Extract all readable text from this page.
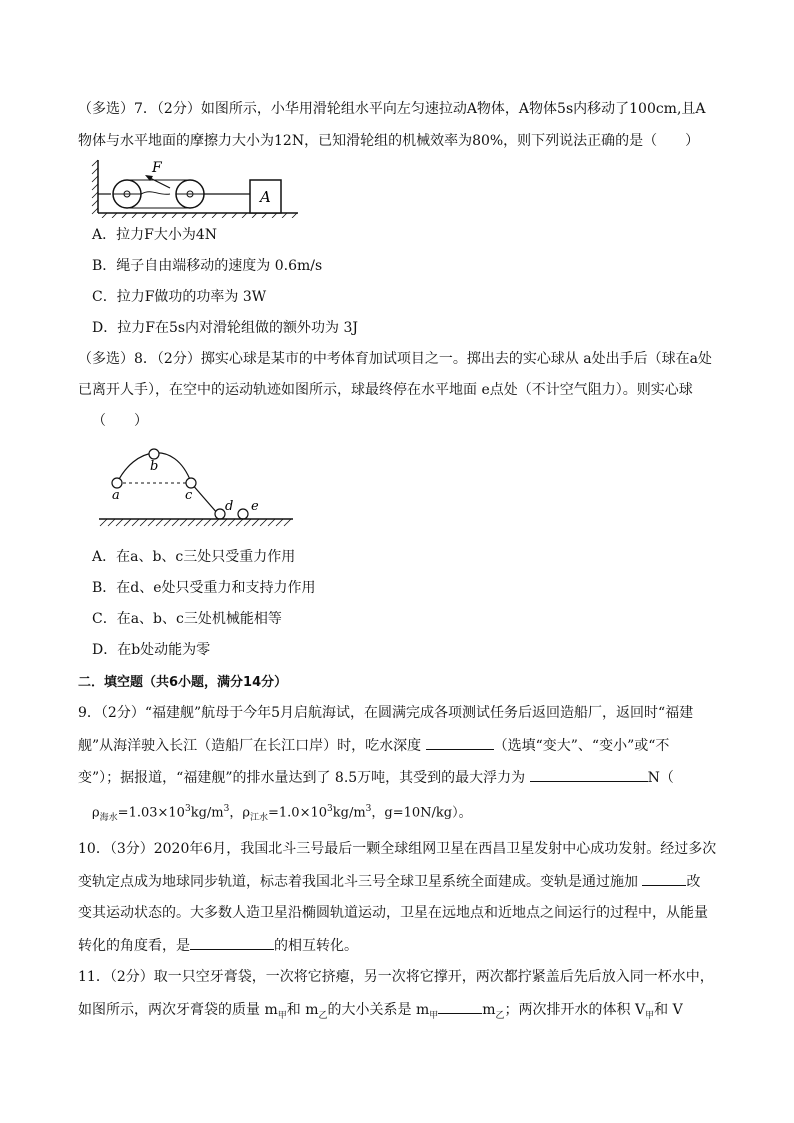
（多选）7．（2分）如图所示，小华用滑轮组水平向左匀速拉动A物体，A物体5s内移动了100cm,且A
物体与水平地面的摩擦力大小为12N，已知滑轮组的机械效率为80%，则下列说法正确的是（　　）
F
A
A．拉力F大小为4N
B．绳子自由端移动的速度为 0.6m/s
C．拉力F做功的功率为 3W
D．拉力F在5s内对滑轮组做的额外功为 3J
（多选）8．（2分）掷实心球是某市的中考体育加试项目之一。掷出去的实心球从 a处出手后（球在a处
已离开人手），在空中的运动轨迹如图所示，球最终停在水平地面 e点处（不计空气阻力）。则实心球
（　　）
a
b
c
d e
A．在a、b、c三处只受重力作用
B．在d、e处只受重力和支持力作用
C．在a、b、c三处机械能相等
D．在b处动能为零
二．填空题（共6小题，满分14分）
9．（2分）“福建舰”航母于今年5月启航海试，在圆满完成各项测试任务后返回造船厂，返回时“福建
舰”从海洋驶入长江（造船厂在长江口岸）时，吃水深度	（选填“变大”、“变小”或“不
变”）；据报道，“福建舰”的排水量达到了 8.5万吨，其受到的最大浮力为	N（
$\rho_{海水}=1.03\times 10^3kg/m^3$，$\rho_{江水}=1.0\times 10^3kg/m^3$，g=10N/kg）。
10．（3分）2020年6月，我国北斗三号最后一颗全球组网卫星在西昌卫星发射中心成功发射。经过多次
变轨定点成为地球同步轨道，标志着我国北斗三号全球卫星系统全面建成。变轨是通过施加	改
变其运动状态的。大多数人造卫星沿椭圆轨道运动，卫星在远地点和近地点之间运行的过程中，从能量
转化的角度看，是	的相互转化。
11．（2分）取一只空牙膏袋，一次将它挤瘪，另一次将它撑开，两次都拧紧盖后先后放入同一杯水中，
如图所示，两次牙膏袋的质量 $m_甲$和 $m_乙$的大小关系是 $m_甲$	$m_乙$；两次排开水的体积 $V_甲$和 V
